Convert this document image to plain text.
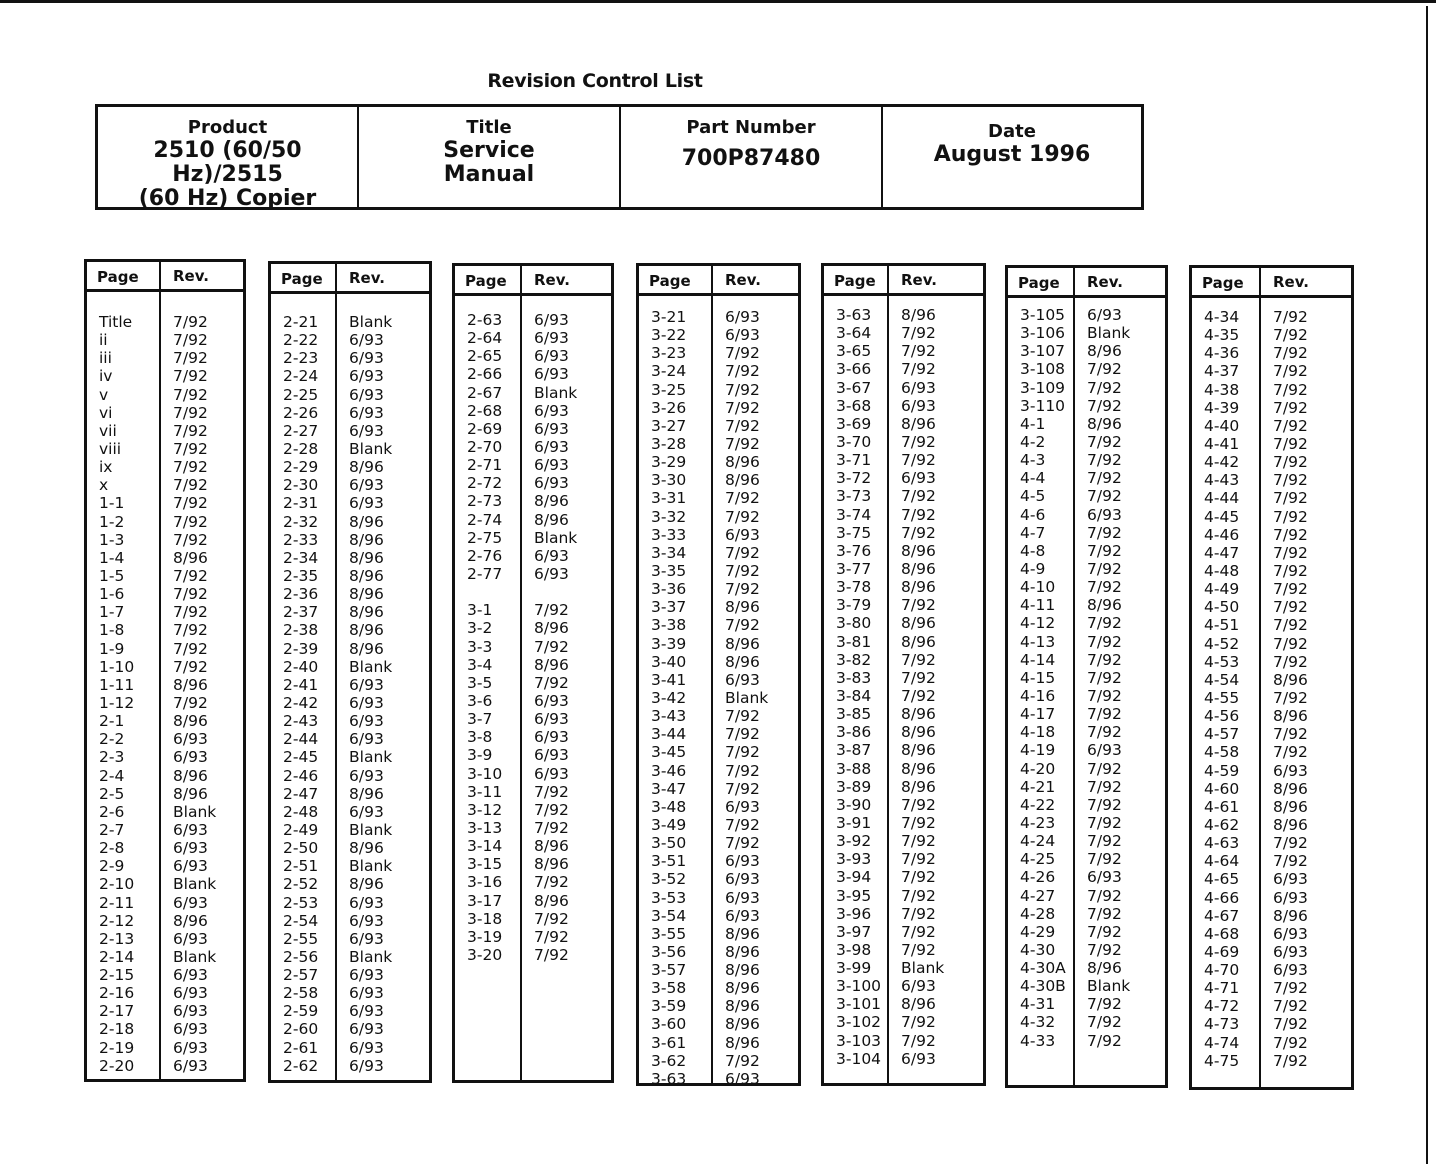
Revision Control List
Product
2510 (60/50 Hz)/2515
(60 Hz) Copier
Title
Service
Manual
Part Number
700P87480
Date
August 1996
Page Rev.
Title	7/92
ii	7/92
iii	7/92
iv	7/92
v	7/92
vi	7/92
vii	7/92
viii	7/92
ix	7/92
x	7/92
1-1	7/92
1-2	7/92
1-3	7/92
1-4	8/96
1-5	7/92
1-6	7/92
1-7	7/92
1-8	7/92
1-9	7/92
1-10	7/92
1-11	8/96
1-12	7/92
2-1	8/96
2-2	6/93
2-3	6/93
2-4	8/96
2-5	8/96
2-6	Blank
2-7	6/93
2-8	6/93
2-9	6/93
2-10	Blank
2-11	6/93
2-12	8/96
2-13	6/93
2-14	Blank
2-15	6/93
2-16	6/93
2-17	6/93
2-18	6/93
2-19	6/93
2-20	6/93
Page Rev.
2-21 Blank
2-22 6/93
2-23 6/93
2-24 6/93
2-25 6/93
2-26 6/93
2-27 6/93
2-28 Blank
2-29 8/96
2-30 6/93
2-31 6/93
2-32 8/96
2-33 8/96
2-34 8/96
2-35 8/96
2-36 8/96
2-37 8/96
2-38 8/96
2-39 8/96
2-40 Blank
2-41 6/93
2-42 6/93
2-43 6/93
2-44 6/93
2-45 Blank
2-46 6/93
2-47 8/96
2-48 6/93
2-49 Blank
2-50 8/96
2-51 Blank
2-52 8/96
2-53 6/93
2-54 6/93
2-55 6/93
2-56 Blank
2-57 6/93
2-58 6/93
2-59 6/93
2-60 6/93
2-61 6/93
2-62 6/93
Page Rev.
2-63 6/93
2-64 6/93
2-65 6/93
2-66 6/93
2-67 Blank
2-68 6/93
2-69 6/93
2-70 6/93
2-71 6/93
2-72 6/93
2-73 8/96
2-74 8/96
2-75 Blank
2-76 6/93
2-77 6/93
3-1	7/92
3-2	8/96
3-3	7/92
3-4	8/96
3-5	7/92
3-6	6/93
3-7	6/93
3-8	6/93
3-9	6/93
3-10 6/93
3-11 7/92
3-12 7/92
3-13 7/92
3-14 8/96
3-15 8/96
3-16 7/92
3-17 8/96
3-18 7/92
3-19 7/92
3-20 7/92
Page Rev.
3-21	6/93
3-22	6/93
3-23	7/92
3-24	7/92
3-25	7/92
3-26	7/92
3-27	7/92
3-28	7/92
3-29	8/96
3-30	8/96
3-31	7/92
3-32	7/92
3-33	6/93
3-34	7/92
3-35	7/92
3-36	7/92
3-37	8/96
3-38	7/92
3-39	8/96
3-40	8/96
3-41	6/93
3-42	Blank
3-43	7/92
3-44	7/92
3-45	7/92
3-46	7/92
3-47	7/92
3-48	6/93
3-49	7/92
3-50	7/92
3-51	6/93
3-52	6/93
3-53	6/93
3-54	6/93
3-55	8/96
3-56	8/96
3-57	8/96
3-58	8/96
3-59	8/96
3-60	8/96
3-61	8/96
3-62	7/92
3-63	6/93
Page Rev.
3-63 8/96
3-64 7/92
3-65 7/92
3-66 7/92
3-67 6/93
3-68 6/93
3-69 8/96
3-70 7/92
3-71 7/92
3-72 6/93
3-73 7/92
3-74 7/92
3-75 7/92
3-76 8/96
3-77 8/96
3-78 8/96
3-79 7/92
3-80 8/96
3-81 8/96
3-82 7/92
3-83 7/92
3-84 7/92
3-85 8/96
3-86 8/96
3-87 8/96
3-88 8/96
3-89 8/96
3-90 7/92
3-91 7/92
3-92 7/92
3-93 7/92
3-94 7/92
3-95 7/92
3-96 7/92
3-97 7/92
3-98 7/92
3-99 Blank
3-100 6/93
3-101 8/96
3-102 7/92
3-103 7/92
3-104 6/93
Page Rev.
3-105 6/93
3-106 Blank
3-107 8/96
3-108 7/92
3-109 7/92
3-110 7/92
4-1	8/96
4-2	7/92
4-3	7/92
4-4	7/92
4-5	7/92
4-6	6/93
4-7	7/92
4-8	7/92
4-9	7/92
4-10 7/92
4-11 8/96
4-12 7/92
4-13 7/92
4-14 7/92
4-15 7/92
4-16 7/92
4-17 7/92
4-18 7/92
4-19 6/93
4-20 7/92
4-21 7/92
4-22 7/92
4-23 7/92
4-24 7/92
4-25 7/92
4-26 6/93
4-27 7/92
4-28 7/92
4-29 7/92
4-30 7/92
4-30A 8/96
4-30B Blank
4-31 7/92
4-32 7/92
4-33 7/92
Page Rev.
4-34 7/92
4-35 7/92
4-36 7/92
4-37 7/92
4-38 7/92
4-39 7/92
4-40 7/92
4-41 7/92
4-42 7/92
4-43 7/92
4-44 7/92
4-45 7/92
4-46 7/92
4-47 7/92
4-48 7/92
4-49 7/92
4-50 7/92
4-51 7/92
4-52 7/92
4-53 7/92
4-54 8/96
4-55 7/92
4-56 8/96
4-57 7/92
4-58 7/92
4-59 6/93
4-60 8/96
4-61 8/96
4-62 8/96
4-63 7/92
4-64 7/92
4-65 6/93
4-66 6/93
4-67 8/96
4-68 6/93
4-69 6/93
4-70 6/93
4-71 7/92
4-72 7/92
4-73 7/92
4-74 7/92
4-75 7/92
